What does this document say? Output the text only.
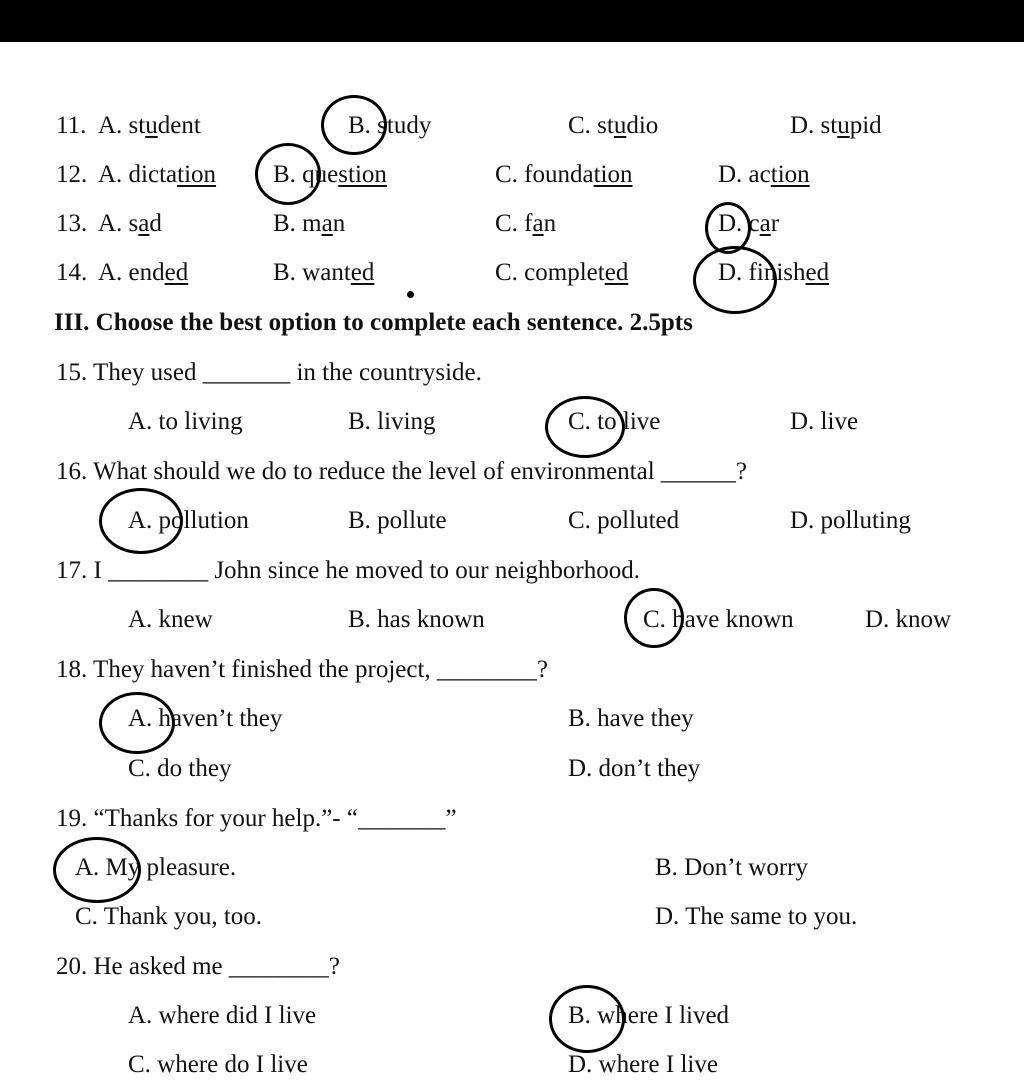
11. A. student	B. study	C. studio	D. stupid
12. A. dictation B. question	C. foundation	D. action
13. A. sad	B. man	C. fan	D. car
14. A. ended	B. wanted	C. completed	D. finished
III. Choose the best option to complete each sentence. 2.5pts
15. They used _______ in the countryside.
A. to living	B. living	C. to live	D. live
16. What should we do to reduce the level of environmental ______?
A. pollution	B. pollute	C. polluted	D. polluting
17. I ________ John since he moved to our neighborhood.
A. knew	B. has known	C. have known	D. know
18. They haven’t finished the project, ________?
A. haven’t they	B. have they
C. do they	D. don’t they
19. “Thanks for your help.”- “_______”
A. My pleasure.	B. Don’t worry
C. Thank you, too.	D. The same to you.
20. He asked me ________?
A. where did I live	B. where I lived
C. where do I live	D. where I live
